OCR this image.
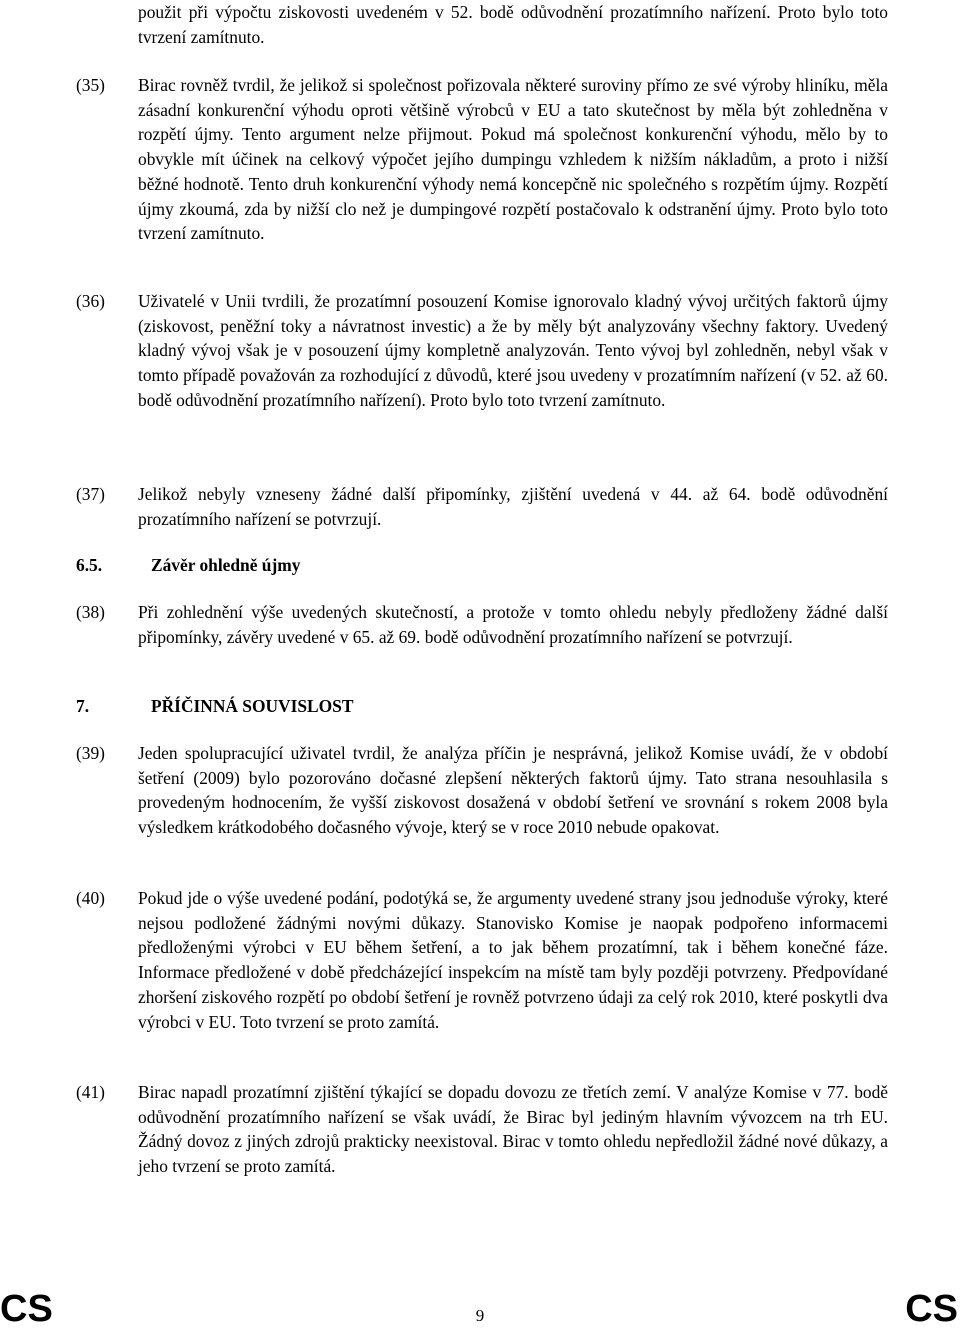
použit při výpočtu ziskovosti uvedeném v 52. bodě odůvodnění prozatímního nařízení. Proto bylo toto tvrzení zamítnuto.
(35)	Birac rovněž tvrdil, že jelikož si společnost pořizovala některé suroviny přímo ze své výroby hliníku, měla zásadní konkurenční výhodu oproti většině výrobců v EU a tato skutečnost by měla být zohledněna v rozpětí újmy. Tento argument nelze přijmout. Pokud má společnost konkurenční výhodu, mělo by to obvykle mít účinek na celkový výpočet jejího dumpingu vzhledem k nižším nákladům, a proto i nižší běžné hodnotě. Tento druh konkurenční výhody nemá koncepčně nic společného s rozpětím újmy. Rozpětí újmy zkoumá, zda by nižší clo než je dumpingové rozpětí postačovalo k odstranění újmy. Proto bylo toto tvrzení zamítnuto.
(36)	Uživatelé v Unii tvrdili, že prozatímní posouzení Komise ignorovalo kladný vývoj určitých faktorů újmy (ziskovost, peněžní toky a návratnost investic) a že by měly být analyzovány všechny faktory. Uvedený kladný vývoj však je v posouzení újmy kompletně analyzován. Tento vývoj byl zohledněn, nebyl však v tomto případě považován za rozhodující z důvodů, které jsou uvedeny v prozatímním nařízení (v 52. až 60. bodě odůvodnění prozatímního nařízení). Proto bylo toto tvrzení zamítnuto.
(37)	Jelikož nebyly vzneseny žádné další připomínky, zjištění uvedená v 44. až 64. bodě odůvodnění prozatímního nařízení se potvrzují.
6.5.	Závěr ohledně újmy
(38)	Při zohlednění výše uvedených skutečností, a protože v tomto ohledu nebyly předloženy žádné další připomínky, závěry uvedené v 65. až 69. bodě odůvodnění prozatímního nařízení se potvrzují.
7.	PŘÍČINNÁ SOUVISLOST
(39)	Jeden spolupracující uživatel tvrdil, že analýza příčin je nesprávná, jelikož Komise uvádí, že v období šetření (2009) bylo pozorováno dočasné zlepšení některých faktorů újmy. Tato strana nesouhlasila s provedeným hodnocením, že vyšší ziskovost dosažená v období šetření ve srovnání s rokem 2008 byla výsledkem krátkodobého dočasného vývoje, který se v roce 2010 nebude opakovat.
(40)	Pokud jde o výše uvedené podání, podotýká se, že argumenty uvedené strany jsou jednoduše výroky, které nejsou podložené žádnými novými důkazy. Stanovisko Komise je naopak podpořeno informacemi předloženými výrobci v EU během šetření, a to jak během prozatímní, tak i během konečné fáze. Informace předložené v době předcházející inspekcím na místě tam byly později potvrzeny. Předpovídané zhoršení ziskového rozpětí po období šetření je rovněž potvrzeno údaji za celý rok 2010, které poskytli dva výrobci v EU. Toto tvrzení se proto zamítá.
(41)	Birac napadl prozatímní zjištění týkající se dopadu dovozu ze třetích zemí. V analýze Komise v 77. bodě odůvodnění prozatímního nařízení se však uvádí, že Birac byl jediným hlavním vývozcem na trh EU. Žádný dovoz z jiných zdrojů prakticky neexistoval. Birac v tomto ohledu nepředložil žádné nové důkazy, a jeho tvrzení se proto zamítá.
CS	9	CS
